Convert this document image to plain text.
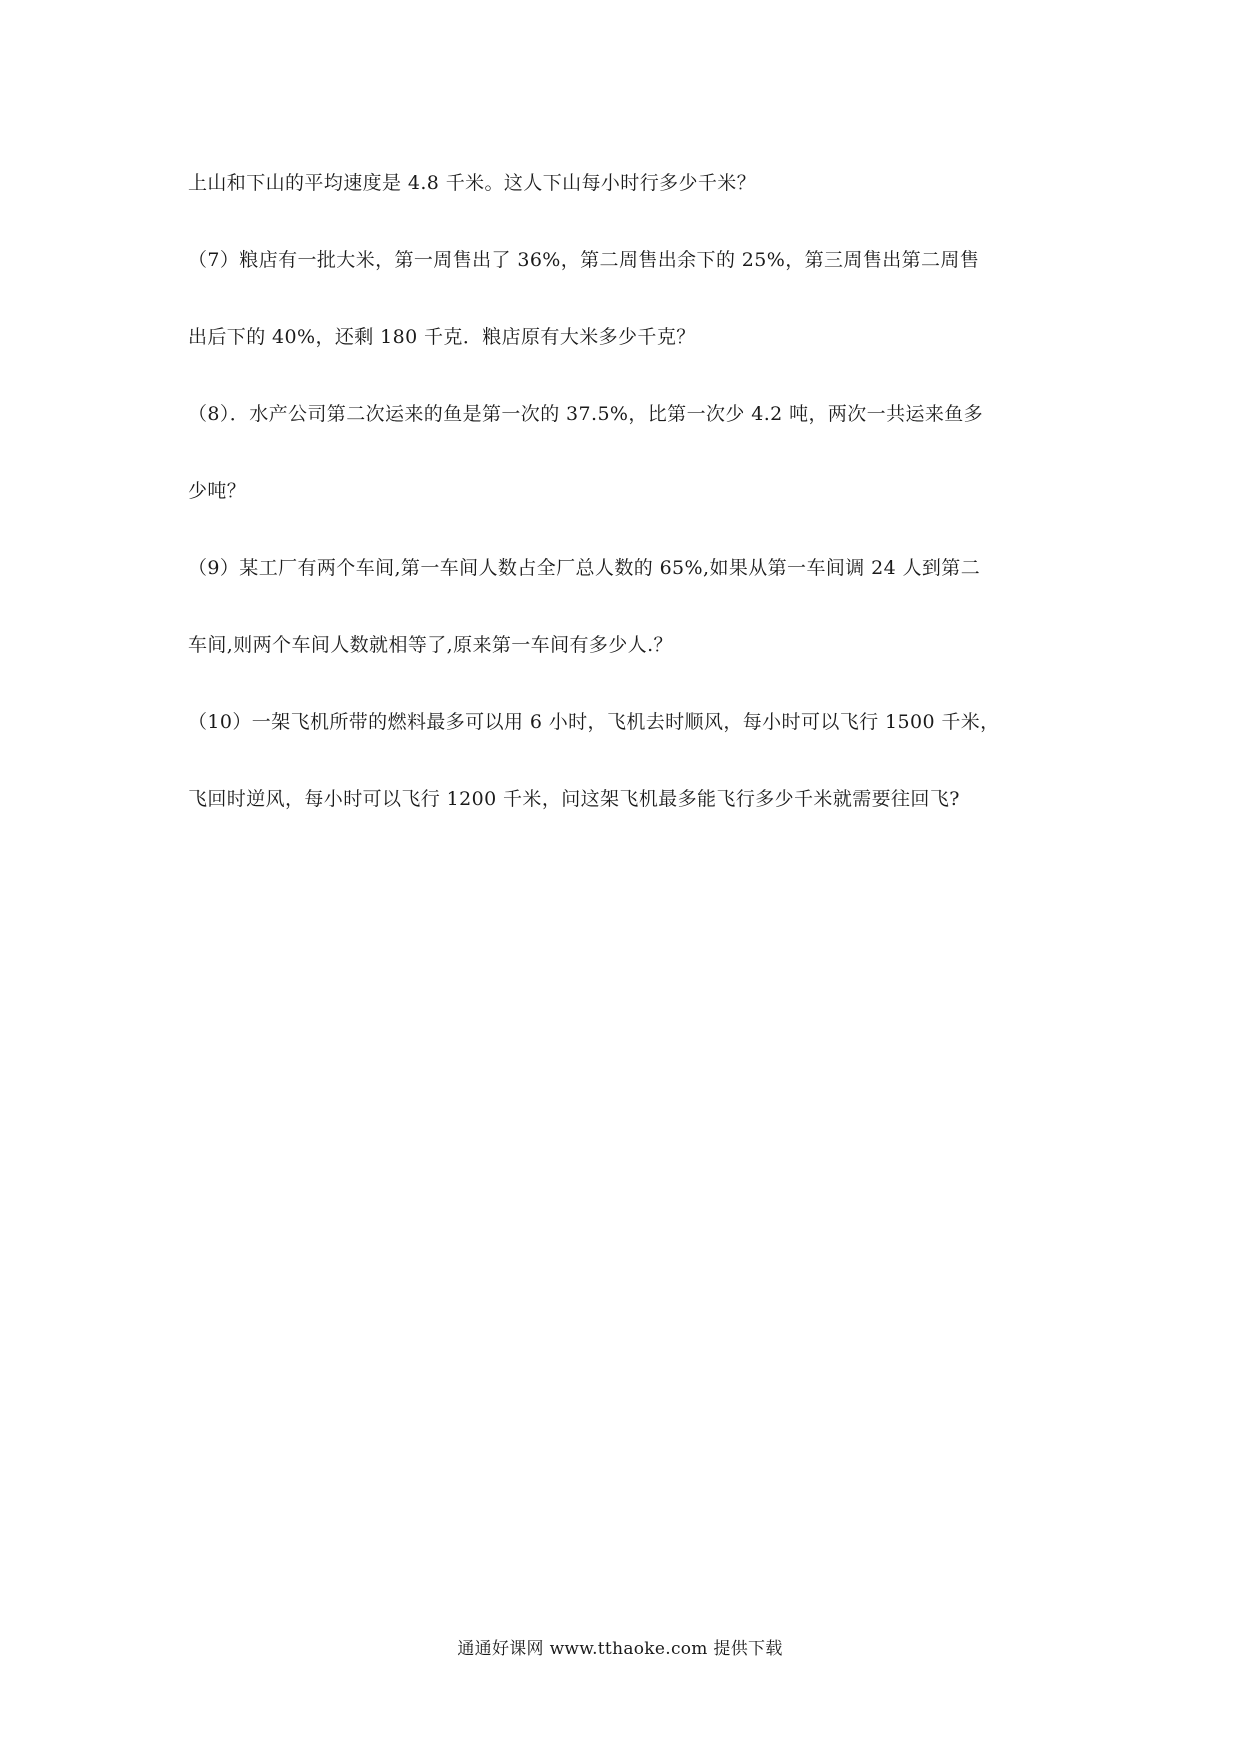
上山和下山的平均速度是 4.8 千米。这人下山每小时行多少千米？
（7）粮店有一批大米，第一周售出了 36%，第二周售出余下的 25%，第三周售出第二周售
出后下的 40%，还剩 180 千克．粮店原有大米多少千克？
（8）．水产公司第二次运来的鱼是第一次的 37.5%，比第一次少 4.2 吨，两次一共运来鱼多
少吨？
（9）某工厂有两个车间,第一车间人数占全厂总人数的 65%,如果从第一车间调 24 人到第二
车间,则两个车间人数就相等了,原来第一车间有多少人.？
（10）一架飞机所带的燃料最多可以用 6 小时，飞机去时顺风，每小时可以飞行 1500 千米，
飞回时逆风，每小时可以飞行 1200 千米，问这架飞机最多能飞行多少千米就需要往回飞?
通通好课网 www.tthaoke.com 提供下载
